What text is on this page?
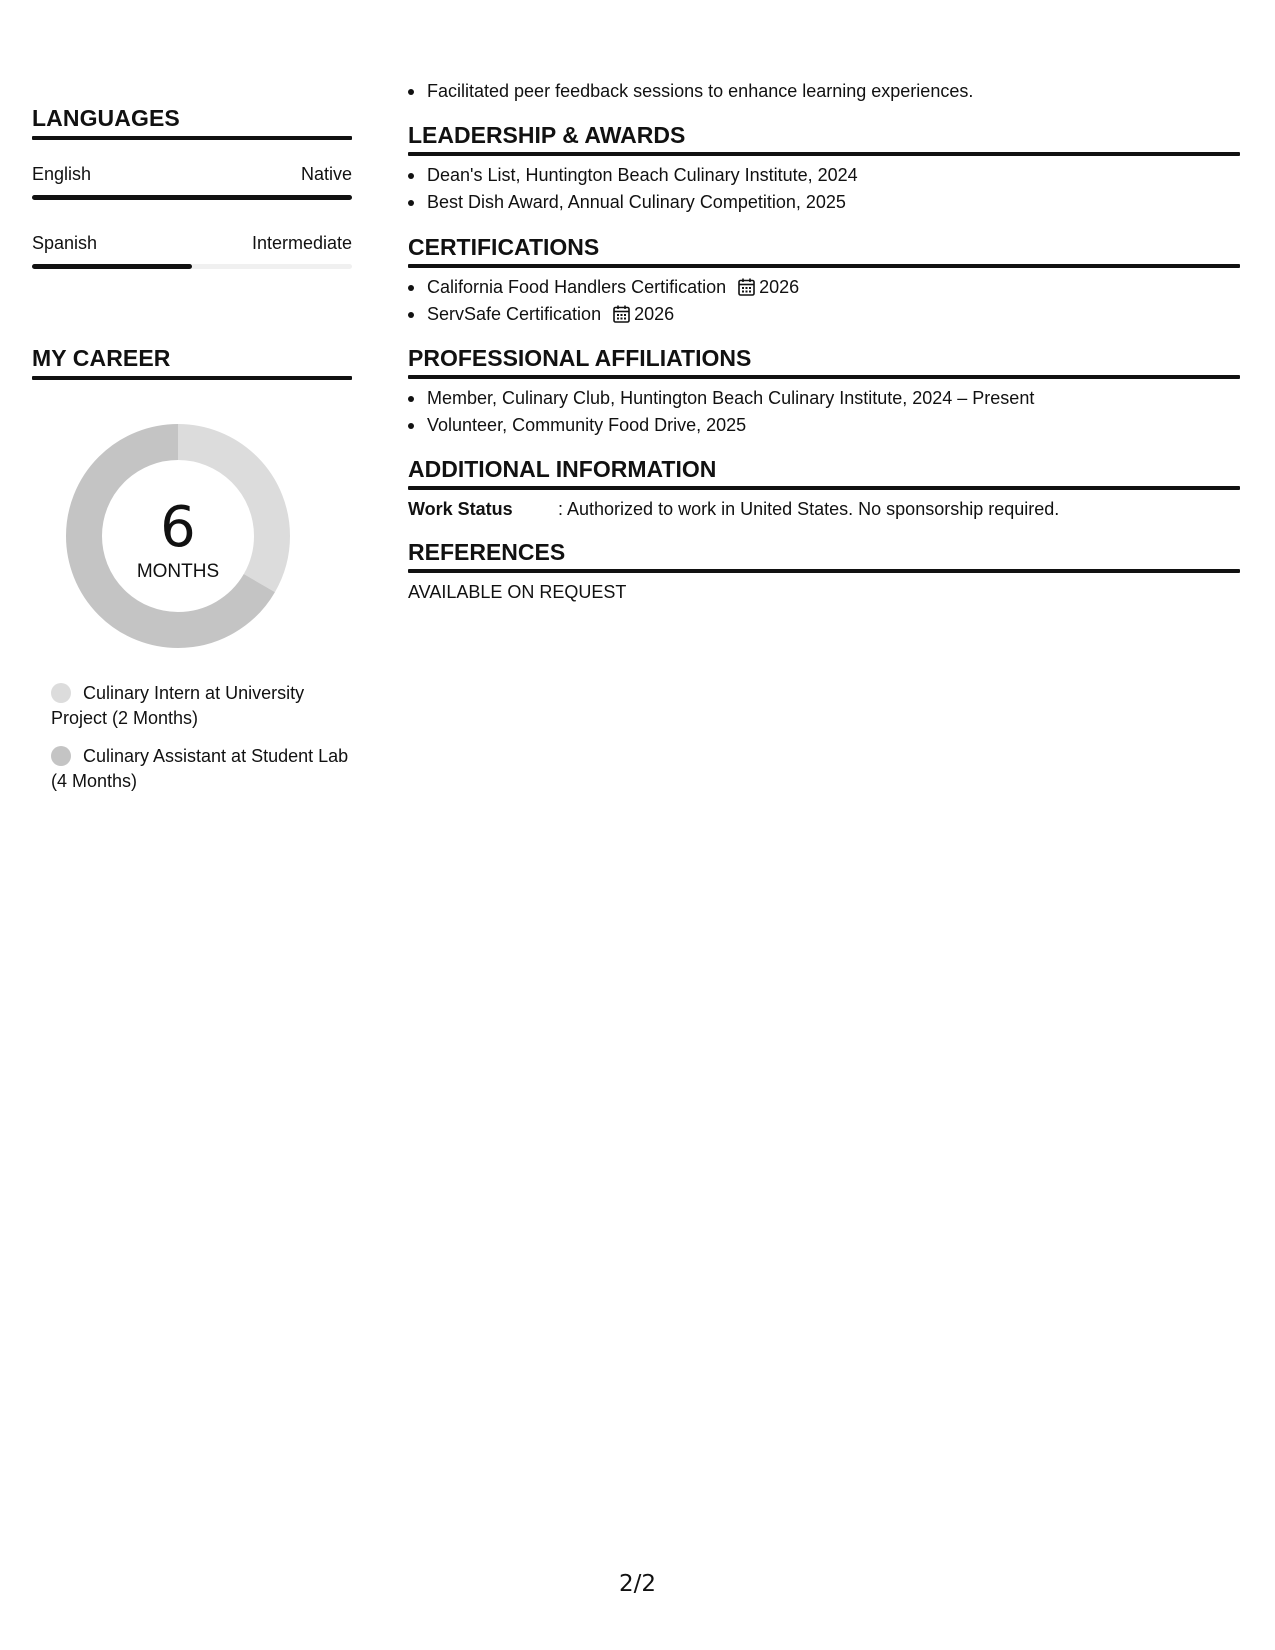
LANGUAGES
English	Native
Spanish	Intermediate
MY CAREER
6
MONTHS
Culinary Intern at University Project (2 Months)
Culinary Assistant at Student Lab (4 Months)
Facilitated peer feedback sessions to enhance learning experiences.
LEADERSHIP & AWARDS
Dean's List, Huntington Beach Culinary Institute, 2024
Best Dish Award, Annual Culinary Competition, 2025
CERTIFICATIONS
California Food Handlers Certification 2026
ServSafe Certification 2026
PROFESSIONAL AFFILIATIONS
Member, Culinary Club, Huntington Beach Culinary Institute, 2024 – Present
Volunteer, Community Food Drive, 2025
ADDITIONAL INFORMATION
Work Status	: Authorized to work in United States. No sponsorship required.
REFERENCES
AVAILABLE ON REQUEST
2/2
